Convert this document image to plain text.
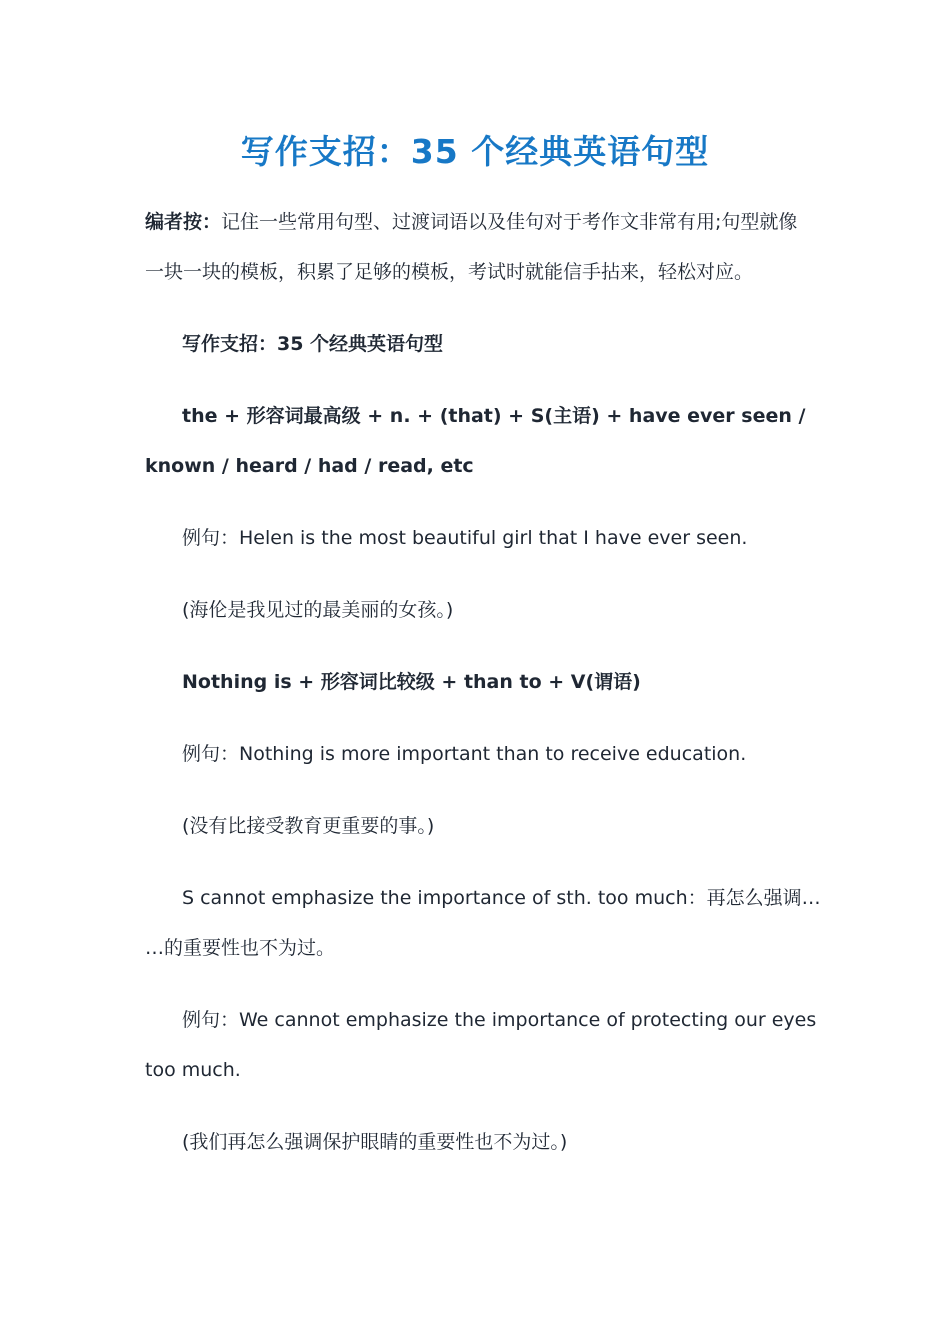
写作支招：35 个经典英语句型
编者按：记住一些常用句型、过渡词语以及佳句对于考作文非常有用;句型就像
一块一块的模板，积累了足够的模板，考试时就能信手拈来，轻松对应。
写作支招：35 个经典英语句型
the + 形容词最高级 + n. + (that) + S(主语) + have ever seen /
known / heard / had / read, etc
例句：Helen is the most beautiful girl that I have ever seen.
(海伦是我见过的最美丽的女孩。)
Nothing is + 形容词比较级 + than to + V(谓语)
例句：Nothing is more important than to receive education.
(没有比接受教育更重要的事。)
S cannot emphasize the importance of sth. too much：再怎么强调…
…的重要性也不为过。
例句：We cannot emphasize the importance of protecting our eyes
too much.
(我们再怎么强调保护眼睛的重要性也不为过。)
